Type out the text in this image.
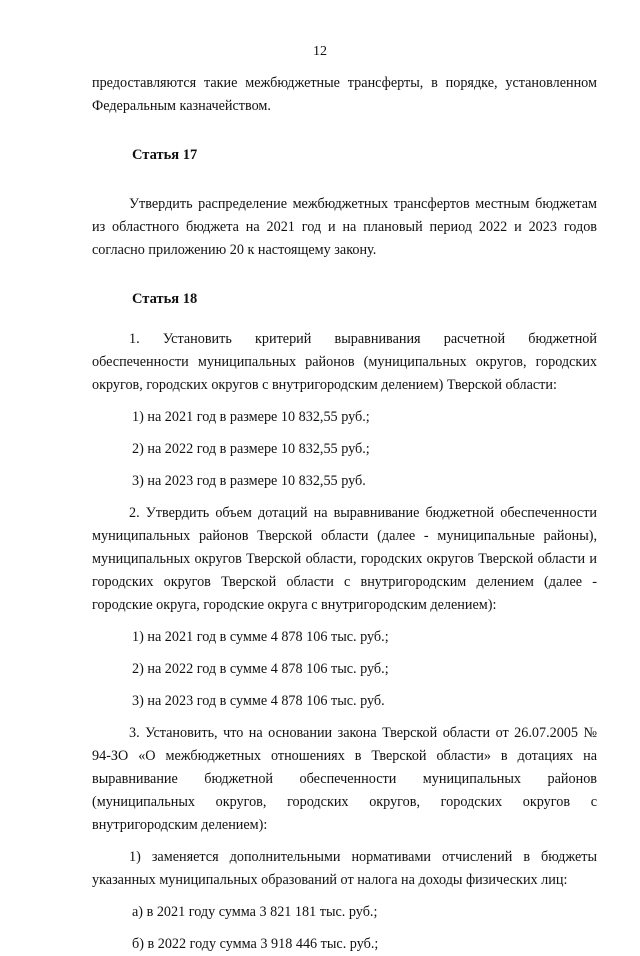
12

предоставляются такие межбюджетные трансферты, в порядке, установленном Федеральным казначейством.

Статья 17

Утвердить распределение межбюджетных трансфертов местным бюджетам из областного бюджета на 2021 год и на плановый период 2022 и 2023 годов согласно приложению 20 к настоящему закону.

Статья 18

1. Установить критерий выравнивания расчетной бюджетной обеспеченности муниципальных районов (муниципальных округов, городских округов, городских округов с внутригородским делением) Тверской области:

1) на 2021 год в размере 10 832,55 руб.;

2) на 2022 год в размере 10 832,55 руб.;

3) на 2023 год в размере 10 832,55 руб.

2. Утвердить объем дотаций на выравнивание бюджетной обеспеченности муниципальных районов Тверской области (далее - муниципальные районы), муниципальных округов Тверской области, городских округов Тверской области и городских округов Тверской области с внутригородским делением (далее - городские округа, городские округа с внутригородским делением):

1) на 2021 год в сумме 4 878 106 тыс. руб.;

2) на 2022 год в сумме 4 878 106 тыс. руб.;

3) на 2023 год в сумме 4 878 106 тыс. руб.

3. Установить, что на основании закона Тверской области от 26.07.2005 № 94-ЗО «О межбюджетных отношениях в Тверской области» в дотациях на выравнивание бюджетной обеспеченности муниципальных районов (муниципальных округов, городских округов, городских округов с внутригородским делением):

1) заменяется дополнительными нормативами отчислений в бюджеты указанных муниципальных образований от налога на доходы физических лиц:

а) в 2021 году сумма 3 821 181 тыс. руб.;

б) в 2022 году сумма 3 918 446 тыс. руб.;
